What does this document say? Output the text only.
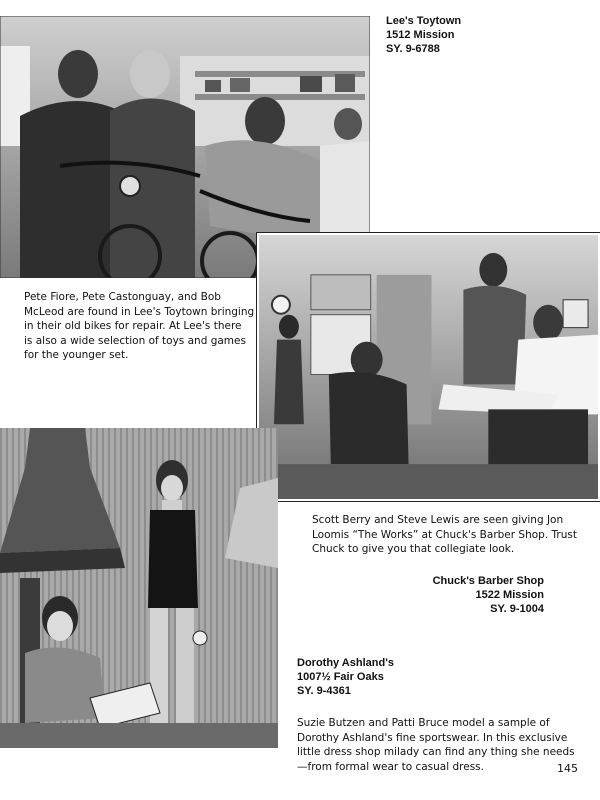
Lee's Toytown
1512 Mission
SY. 9-6788
Pete Fiore, Pete Castonguay, and Bob
McLeod are found in Lee's Toytown bringing
in their old bikes for repair. At Lee's there
is also a wide selection of toys and games
for the younger set.
Scott Berry and Steve Lewis are seen giving Jon
Loomis “The Works” at Chuck's Barber Shop. Trust
Chuck to give you that collegiate look.
Chuck's Barber Shop
1522 Mission
SY. 9-1004
Dorothy Ashland's
1007½ Fair Oaks
SY. 9-4361
Suzie Butzen and Patti Bruce model a sample of
Dorothy Ashland's fine sportswear. In this exclusive
little dress shop milady can find any thing she needs
—from formal wear to casual dress.	145
